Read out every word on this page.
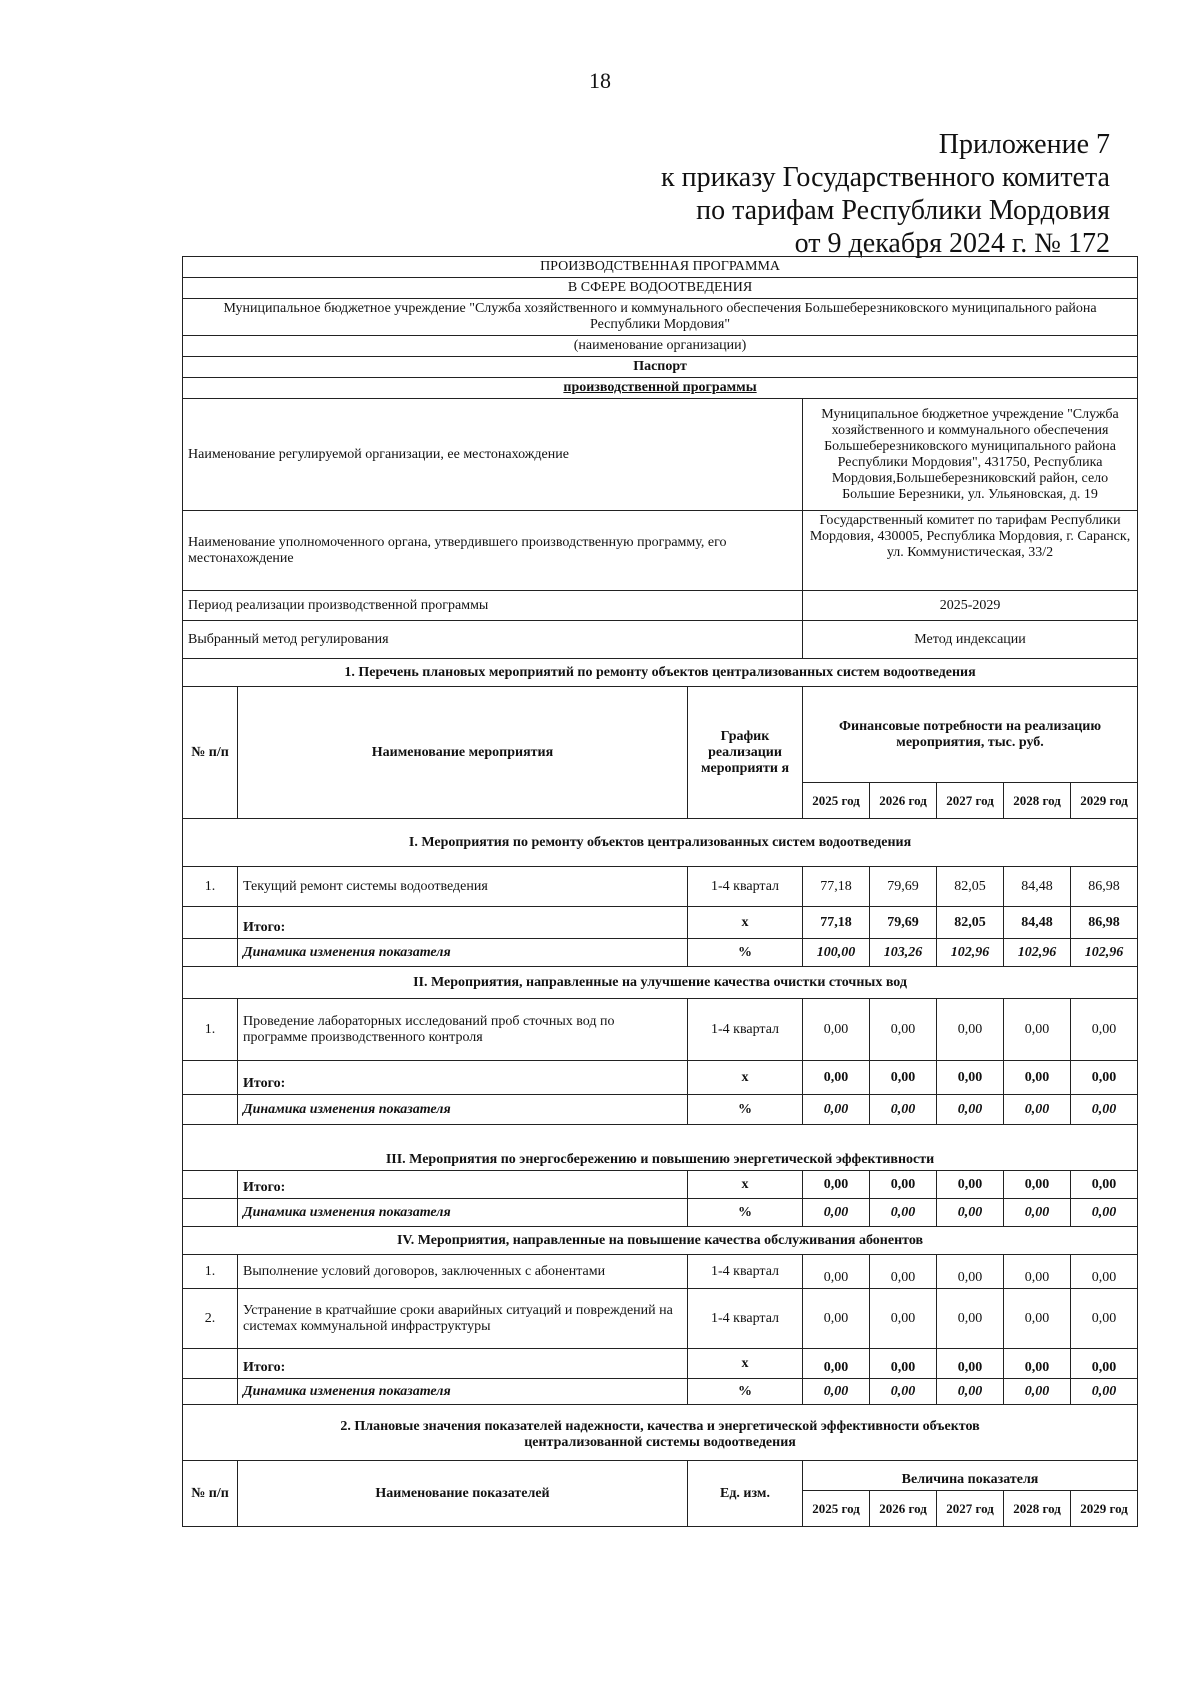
18
Приложение 7
к приказу Государственного комитета
по тарифам Республики Мордовия
от 9 декабря 2024 г. № 172
ПРОИЗВОДСТВЕННАЯ ПРОГРАММА							
В СФЕРЕ ВОДООТВЕДЕНИЯ							
Муниципальное бюджетное учреждение "Служба хозяйственного и коммунального обеспечения Большеберезниковского муниципального района Республики Мордовия"							
(наименование организации)							
Паспорт							
производственной программы							
Наименование регулируемой организации, ее местонахождение			Муниципальное бюджетное учреждение "Служба хозяйственного и коммунального обеспечения Большеберезниковского муниципального района Республики Мордовия", 431750, Республика Мордовия,Большеберезниковский район, село Большие Березники, ул. Ульяновская, д. 19				
Наименование уполномоченного органа, утвердившего производственную программу, его местонахождение			Государственный комитет по тарифам Республики Мордовия, 430005, Республика Мордовия, г. Саранск, ул. Коммунистическая, 33/2				
Период реализации производственной программы			2025-2029				
Выбранный метод регулирования			Метод индексации				
1. Перечень плановых мероприятий по ремонту объектов централизованных систем водоотведения							
№ п/п	Наименование мероприятия	График реализации мероприяти я	Финансовые потребности на реализацию мероприятия, тыс. руб.				
			2025 год	2026 год	2027 год	2028 год	2029 год
I. Мероприятия по ремонту объектов централизованных систем водоотведения							
1.	Текущий ремонт системы водоотведения	1-4 квартал	77,18	79,69	82,05	84,48	86,98
	Итого:	х	77,18	79,69	82,05	84,48	86,98
	Динамика изменения показателя	%	100,00	103,26	102,96	102,96	102,96
II. Мероприятия, направленные на улучшение качества очистки сточных вод							
1.	Проведение лабораторных исследований проб сточных вод по программе производственного контроля	1-4 квартал	0,00	0,00	0,00	0,00	0,00
	Итого:	х	0,00	0,00	0,00	0,00	0,00
	Динамика изменения показателя	%	0,00	0,00	0,00	0,00	0,00
III. Мероприятия по энергосбережению и повышению энергетической эффективности							
	Итого:	х	0,00	0,00	0,00	0,00	0,00
	Динамика изменения показателя	%	0,00	0,00	0,00	0,00	0,00
IV. Мероприятия, направленные на повышение качества обслуживания абонентов							
1.	Выполнение условий договоров, заключенных с абонентами	1-4 квартал	0,00	0,00	0,00	0,00	0,00
2.	Устранение в кратчайшие сроки аварийных ситуаций и повреждений на системах коммунальной инфраструктуры	1-4 квартал	0,00	0,00	0,00	0,00	0,00
	Итого:	х	0,00	0,00	0,00	0,00	0,00
	Динамика изменения показателя	%	0,00	0,00	0,00	0,00	0,00
2. Плановые значения показателей надежности, качества и энергетической эффективности объектов централизованной системы водоотведения							
№ п/п	Наименование показателей	Ед. изм.	Величина показателя				
			2025 год	2026 год	2027 год	2028 год	2029 год
